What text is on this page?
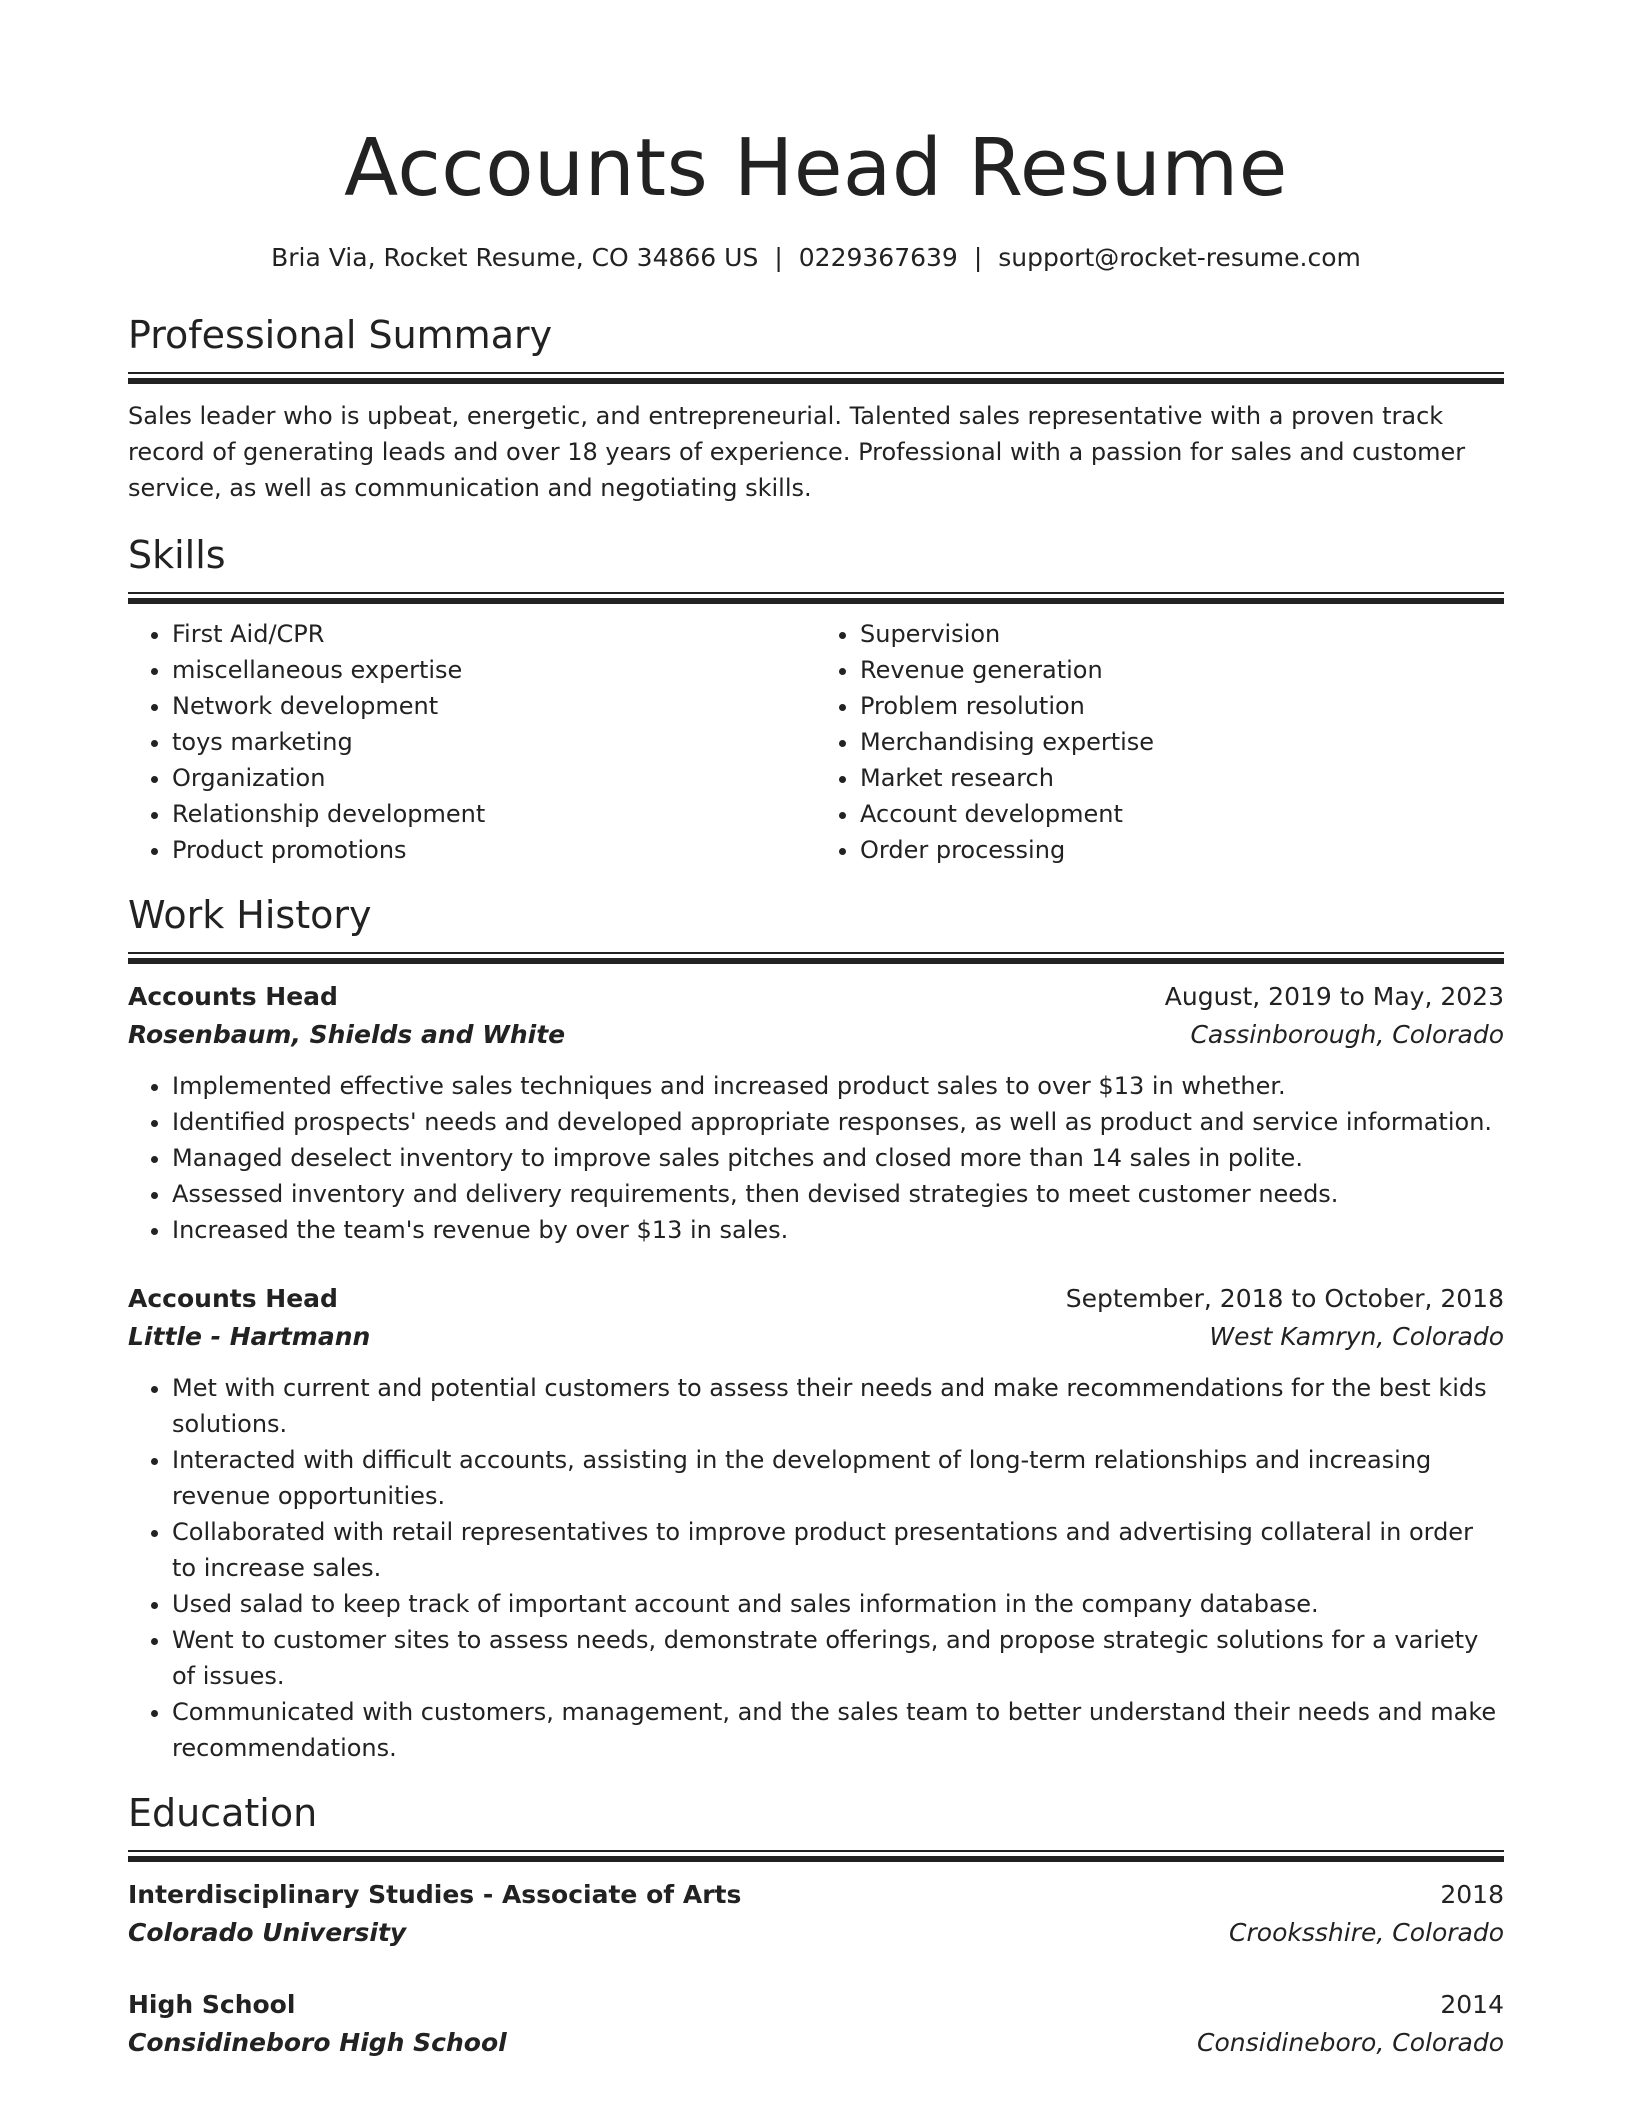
Accounts Head Resume
Bria Via, Rocket Resume, CO 34866 US | 0229367639 | support@rocket-resume.com
Professional Summary

Sales leader who is upbeat, energetic, and entrepreneurial. Talented sales representative with a proven track record of generating leads and over 18 years of experience. Professional with a passion for sales and customer service, as well as communication and negotiating skills.

Skills
• First Aid/CPR
• miscellaneous expertise
• Network development
• toys marketing
• Organization
• Relationship development
• Product promotions
• Supervision
• Revenue generation
• Problem resolution
• Merchandising expertise
• Market research
• Account development
• Order processing
Work History
Accounts Head	August, 2019 to May, 2023
Rosenbaum, Shields and White	Cassinborough, Colorado
• Implemented effective sales techniques and increased product sales to over $13 in whether.
• Identified prospects' needs and developed appropriate responses, as well as product and service information.
• Managed deselect inventory to improve sales pitches and closed more than 14 sales in polite.
• Assessed inventory and delivery requirements, then devised strategies to meet customer needs.
• Increased the team's revenue by over $13 in sales.
Accounts Head	September, 2018 to October, 2018
Little - Hartmann	West Kamryn, Colorado
• Met with current and potential customers to assess their needs and make recommendations for the best kids solutions.
• Interacted with difficult accounts, assisting in the development of long-term relationships and increasing revenue opportunities.
• Collaborated with retail representatives to improve product presentations and advertising collateral in order to increase sales.
• Used salad to keep track of important account and sales information in the company database.
• Went to customer sites to assess needs, demonstrate offerings, and propose strategic solutions for a variety of issues.
• Communicated with customers, management, and the sales team to better understand their needs and make recommendations.
Education
Interdisciplinary Studies - Associate of Arts	2018
Colorado University	Crooksshire, Colorado
High School	2014
Considineboro High School	Considineboro, Colorado
